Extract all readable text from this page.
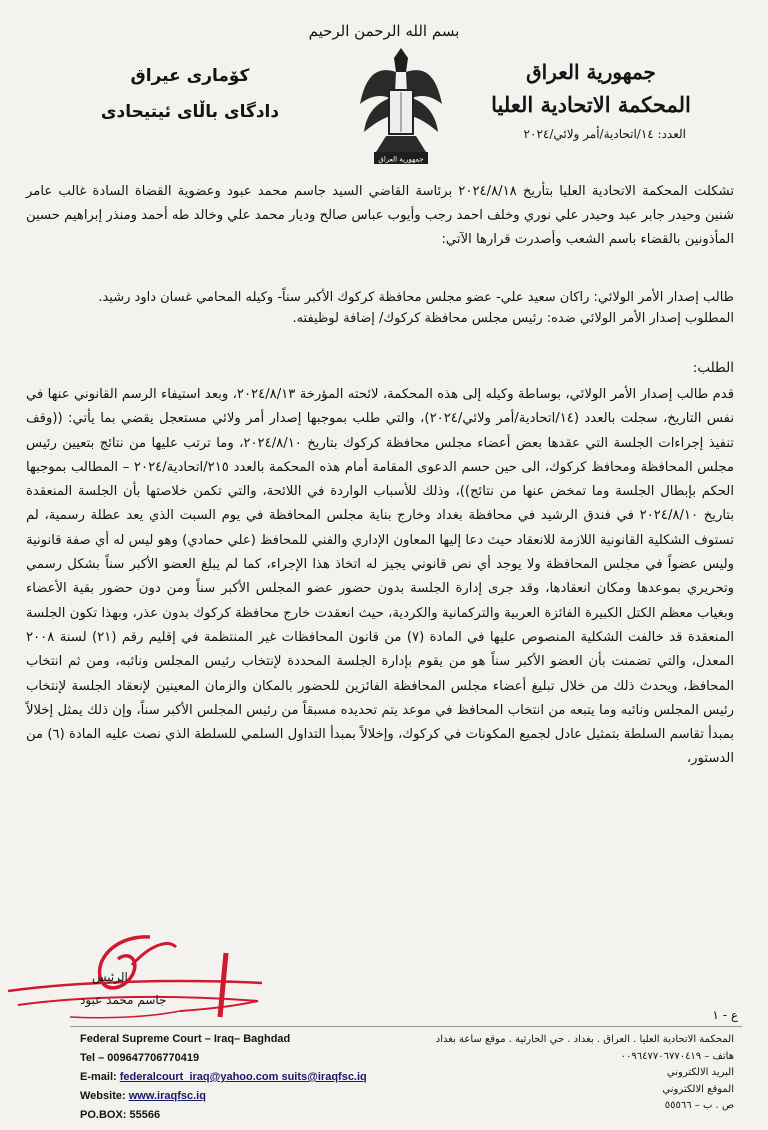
بسم الله الرحمن الرحيم
جمهورية العراق
المحكمة الاتحادية العليا
العدد: ١٤/اتحادية/أمر ولائي/٢٠٢٤
كۆماری عیراق
دادگای باڵای ئیتیحادی
جمهورية العراق
تشكلت المحكمة الاتحادية العليا بتأريخ ٢٠٢٤/٨/١٨ برئاسة القاضي السيد جاسم محمد عبود وعضوية القضاة السادة غالب عامر شنين وحيدر جابر عبد وحيدر علي نوري وخلف احمد رجب وأيوب عباس صالح وديار محمد علي وخالد طه أحمد ومنذر إبراهيم حسين المأذونين بالقضاء باسم الشعب وأصدرت قرارها الآتي:
طالب إصدار الأمر الولائي: راكان سعيد علي- عضو مجلس محافظة كركوك الأكبر سناً- وكيله المحامي غسان داود رشيد.
المطلوب إصدار الأمر الولائي ضده: رئيس مجلس محافظة كركوك/ إضافة لوظيفته.
الطلب:
قدم طالب إصدار الأمر الولائي، بوساطة وكيله إلى هذه المحكمة، لائحته المؤرخة ٢٠٢٤/٨/١٣، وبعد استيفاء الرسم القانوني عنها في نفس التاريخ، سجلت بالعدد (١٤/اتحادية/أمر ولائي/٢٠٢٤)، والتي طلب بموجبها إصدار أمر ولائي مستعجل يقضي بما يأتي: ((وقف تنفيذ إجراءات الجلسة التي عقدها بعض أعضاء مجلس محافظة كركوك بتاريخ ٢٠٢٤/٨/١٠، وما ترتب عليها من نتائج بتعيين رئيس مجلس المحافظة ومحافظ كركوك، الى حين حسم الدعوى المقامة أمام هذه المحكمة بالعدد ٢١٥/اتحادية/٢٠٢٤ – المطالب بموجبها الحكم بإبطال الجلسة وما تمخض عنها من نتائج))، وذلك للأسباب الواردة في اللائحة، والتي تكمن خلاصتها بأن الجلسة المنعقدة بتاريخ ٢٠٢٤/٨/١٠ في فندق الرشيد في محافظة بغداد وخارج بناية مجلس المحافظة في يوم السبت الذي يعد عطلة رسمية، لم تستوف الشكلية القانونية اللازمة للانعقاد حيث دعا إليها المعاون الإداري والفني للمحافظ (علي حمادي) وهو ليس له أي صفة قانونية وليس عضواً في مجلس المحافظة ولا يوجد أي نص قانوني يجيز له اتخاذ هذا الإجراء، كما لم يبلغ العضو الأكبر سناً بشكل رسمي وتحريري بموعدها ومكان انعقادها، وقد جرى إدارة الجلسة بدون حضور عضو المجلس الأكبر سناً ومن دون حضور بقية الأعضاء وبغياب معظم الكتل الكبيرة الفائزة العربية والتركمانية والكردية، حيث انعقدت خارج محافظة كركوك بدون عذر، وبهذا تكون الجلسة المنعقدة قد خالفت الشكلية المنصوص عليها في المادة (٧) من قانون المحافظات غير المنتظمة في إقليم رقم (٢١) لسنة ٢٠٠٨ المعدل، والتي تضمنت بأن العضو الأكبر سناً هو من يقوم بإدارة الجلسة المحددة لإنتخاب رئيس المجلس ونائبه، ومن ثم انتخاب المحافظ، ويحدث ذلك من خلال تبليغ أعضاء مجلس المحافظة الفائزين للحضور بالمكان والزمان المعينين لإنعقاد الجلسة لإنتخاب رئيس المجلس ونائبه وما يتبعه من انتخاب المحافظ في موعد يتم تحديده مسبقاً من رئيس المجلس الأكبر سناً، وإن ذلك يمثل إخلالاً بمبدأ تقاسم السلطة بتمثيل عادل لجميع المكونات في كركوك، وإخلالاً بمبدأ التداول السلمي للسلطة الذي نصت عليه المادة (٦) من الدستور،
الرئيس
جاسم محمد عبود
ع - ١
Federal Supreme Court – Iraq– Baghdad
Tel – 009647706770419
E-mail: federalcourt_iraq@yahoo.com suits@iraqfsc.iq
Website: www.iraqfsc.iq
PO.BOX: 55566
المحكمة الاتحادية العليا . العراق . بغداد . حي الحارثية . موقع ساعة بغداد
هاتف – ٠٠٩٦٤٧٧٠٦٧٧٠٤١٩
البريد الالكتروني
الموقع الالكتروني
ص . ب – ٥٥٥٦٦
